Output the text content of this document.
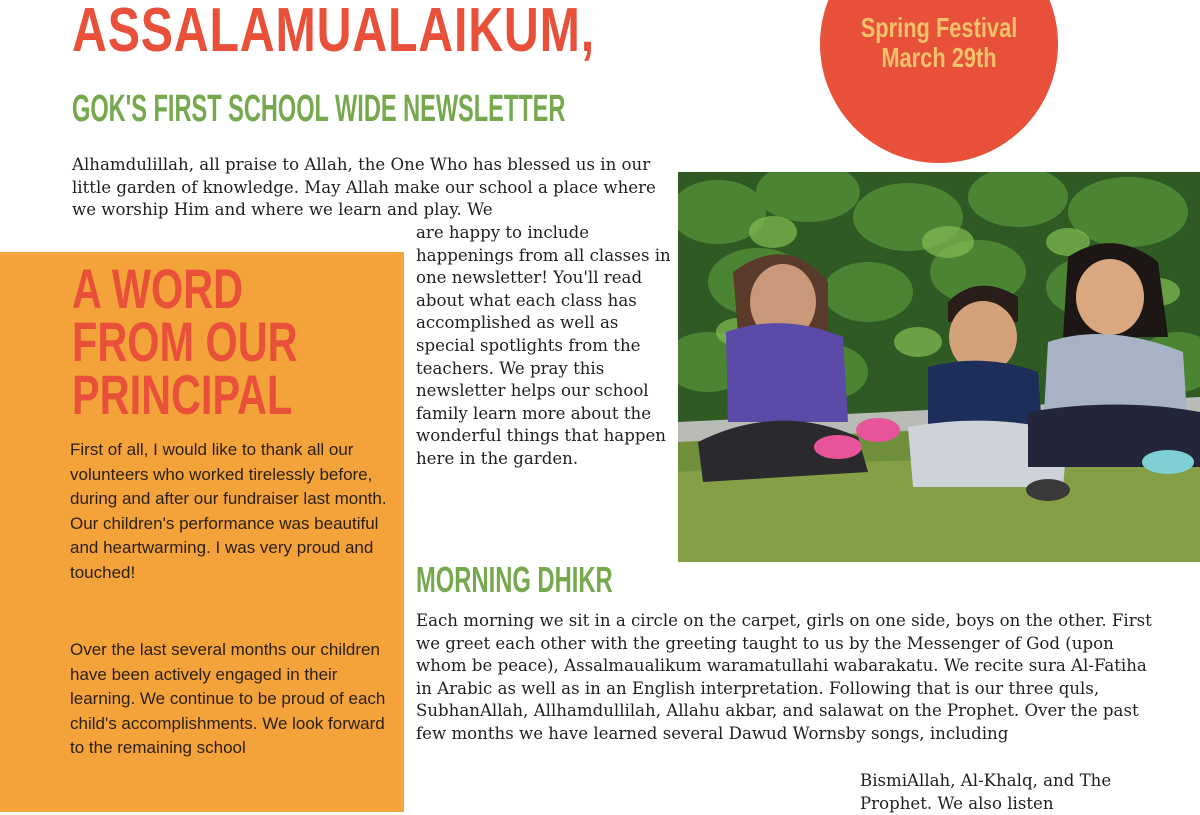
ASSALAMUALAIKUM,
GOK'S FIRST SCHOOL WIDE NEWSLETTER
Spring Festival
March 29th

Alhamdulillah, all praise to Allah, the One Who has blessed us in our little garden of knowledge. May Allah make our school a place where we worship Him and where we learn and play. We

A WORD
FROM OUR
PRINCIPAL

First of all, I would like to thank all our volunteers who worked tirelessly before, during and after our fundraiser last month. Our children's performance was beautiful and heartwarming. I was very proud and touched!

Over the last several months our children have been actively engaged in their learning. We continue to be proud of each child's accomplishments. We look forward to the remaining school

are happy to include happenings from all classes in one newsletter! You'll read about what each class has accomplished as well as special spotlights from the teachers. We pray this newsletter helps our school family learn more about the wonderful things that happen here in the garden.

MORNING DHIKR

Each morning we sit in a circle on the carpet, girls on one side, boys on the other. First we greet each other with the greeting taught to us by the Messenger of God (upon whom be peace), Assalmaualikum waramatullahi wabarakatu. We recite sura Al-Fatiha in Arabic as well as in an English interpretation. Following that is our three quls, SubhanAllah, Allhamdullilah, Allahu akbar, and salawat on the Prophet. Over the past few months we have learned several Dawud Wornsby songs, including

BismiAllah, Al-Khalq, and The Prophet. We also listen
